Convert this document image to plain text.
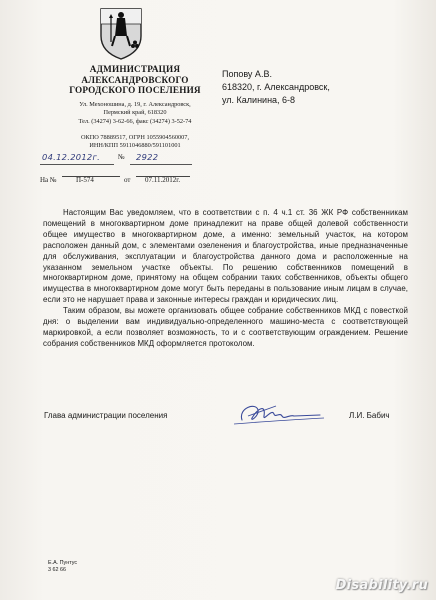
АДМИНИСТРАЦИЯ
АЛЕКСАНДРОВСКОГО
ГОРОДСКОГО ПОСЕЛЕНИЯ
Ул. Мехоношина, д. 19, г. Александровск,
Пермский край, 618320
Тел. (34274) 3-62-66, факс (34274) 3-52-74
ОКПО 78889517, ОГРН 1055904560007,
ИНН/КПП 5911046880/591101001
Попову А.В.
618320, г. Александровск,
ул. Калинина, 6-8
04.12.2012г.	№ 2922
На №	П-574	от 07.11.2012г.

Настоящим Вас уведомляем, что в соответствии с п. 4 ч.1 ст. 36 ЖК РФ собственникам помещений в многоквартирном доме принадлежит на праве общей долевой собственности общее имущество в многоквартирном доме, а именно: земельный участок, на котором расположен данный дом, с элементами озеленения и благоустройства, иные предназначенные для обслуживания, эксплуатации и благоустройства данного дома и расположенные на указанном земельном участке объекты. По решению собственников помещений в многоквартирном доме, принятому на общем собрании таких собственников, объекты общего имущества в многоквартирном доме могут быть переданы в пользование иным лицам в случае, если это не нарушает права и законные интересы граждан и юридических лиц.

Таким образом, вы можете организовать общее собрание собственников МКД с повесткой дня: о выделении вам индивидуально-определенного машино-места с соответствующей маркировкой, а если позволяет возможность, то и с соответствующим ограждением. Решение собрания собственников МКД оформляется протоколом.

Глава администрации поселения	Л.И. Бабич
Е.А. Пунтус
3 62 66
Disability.ru
